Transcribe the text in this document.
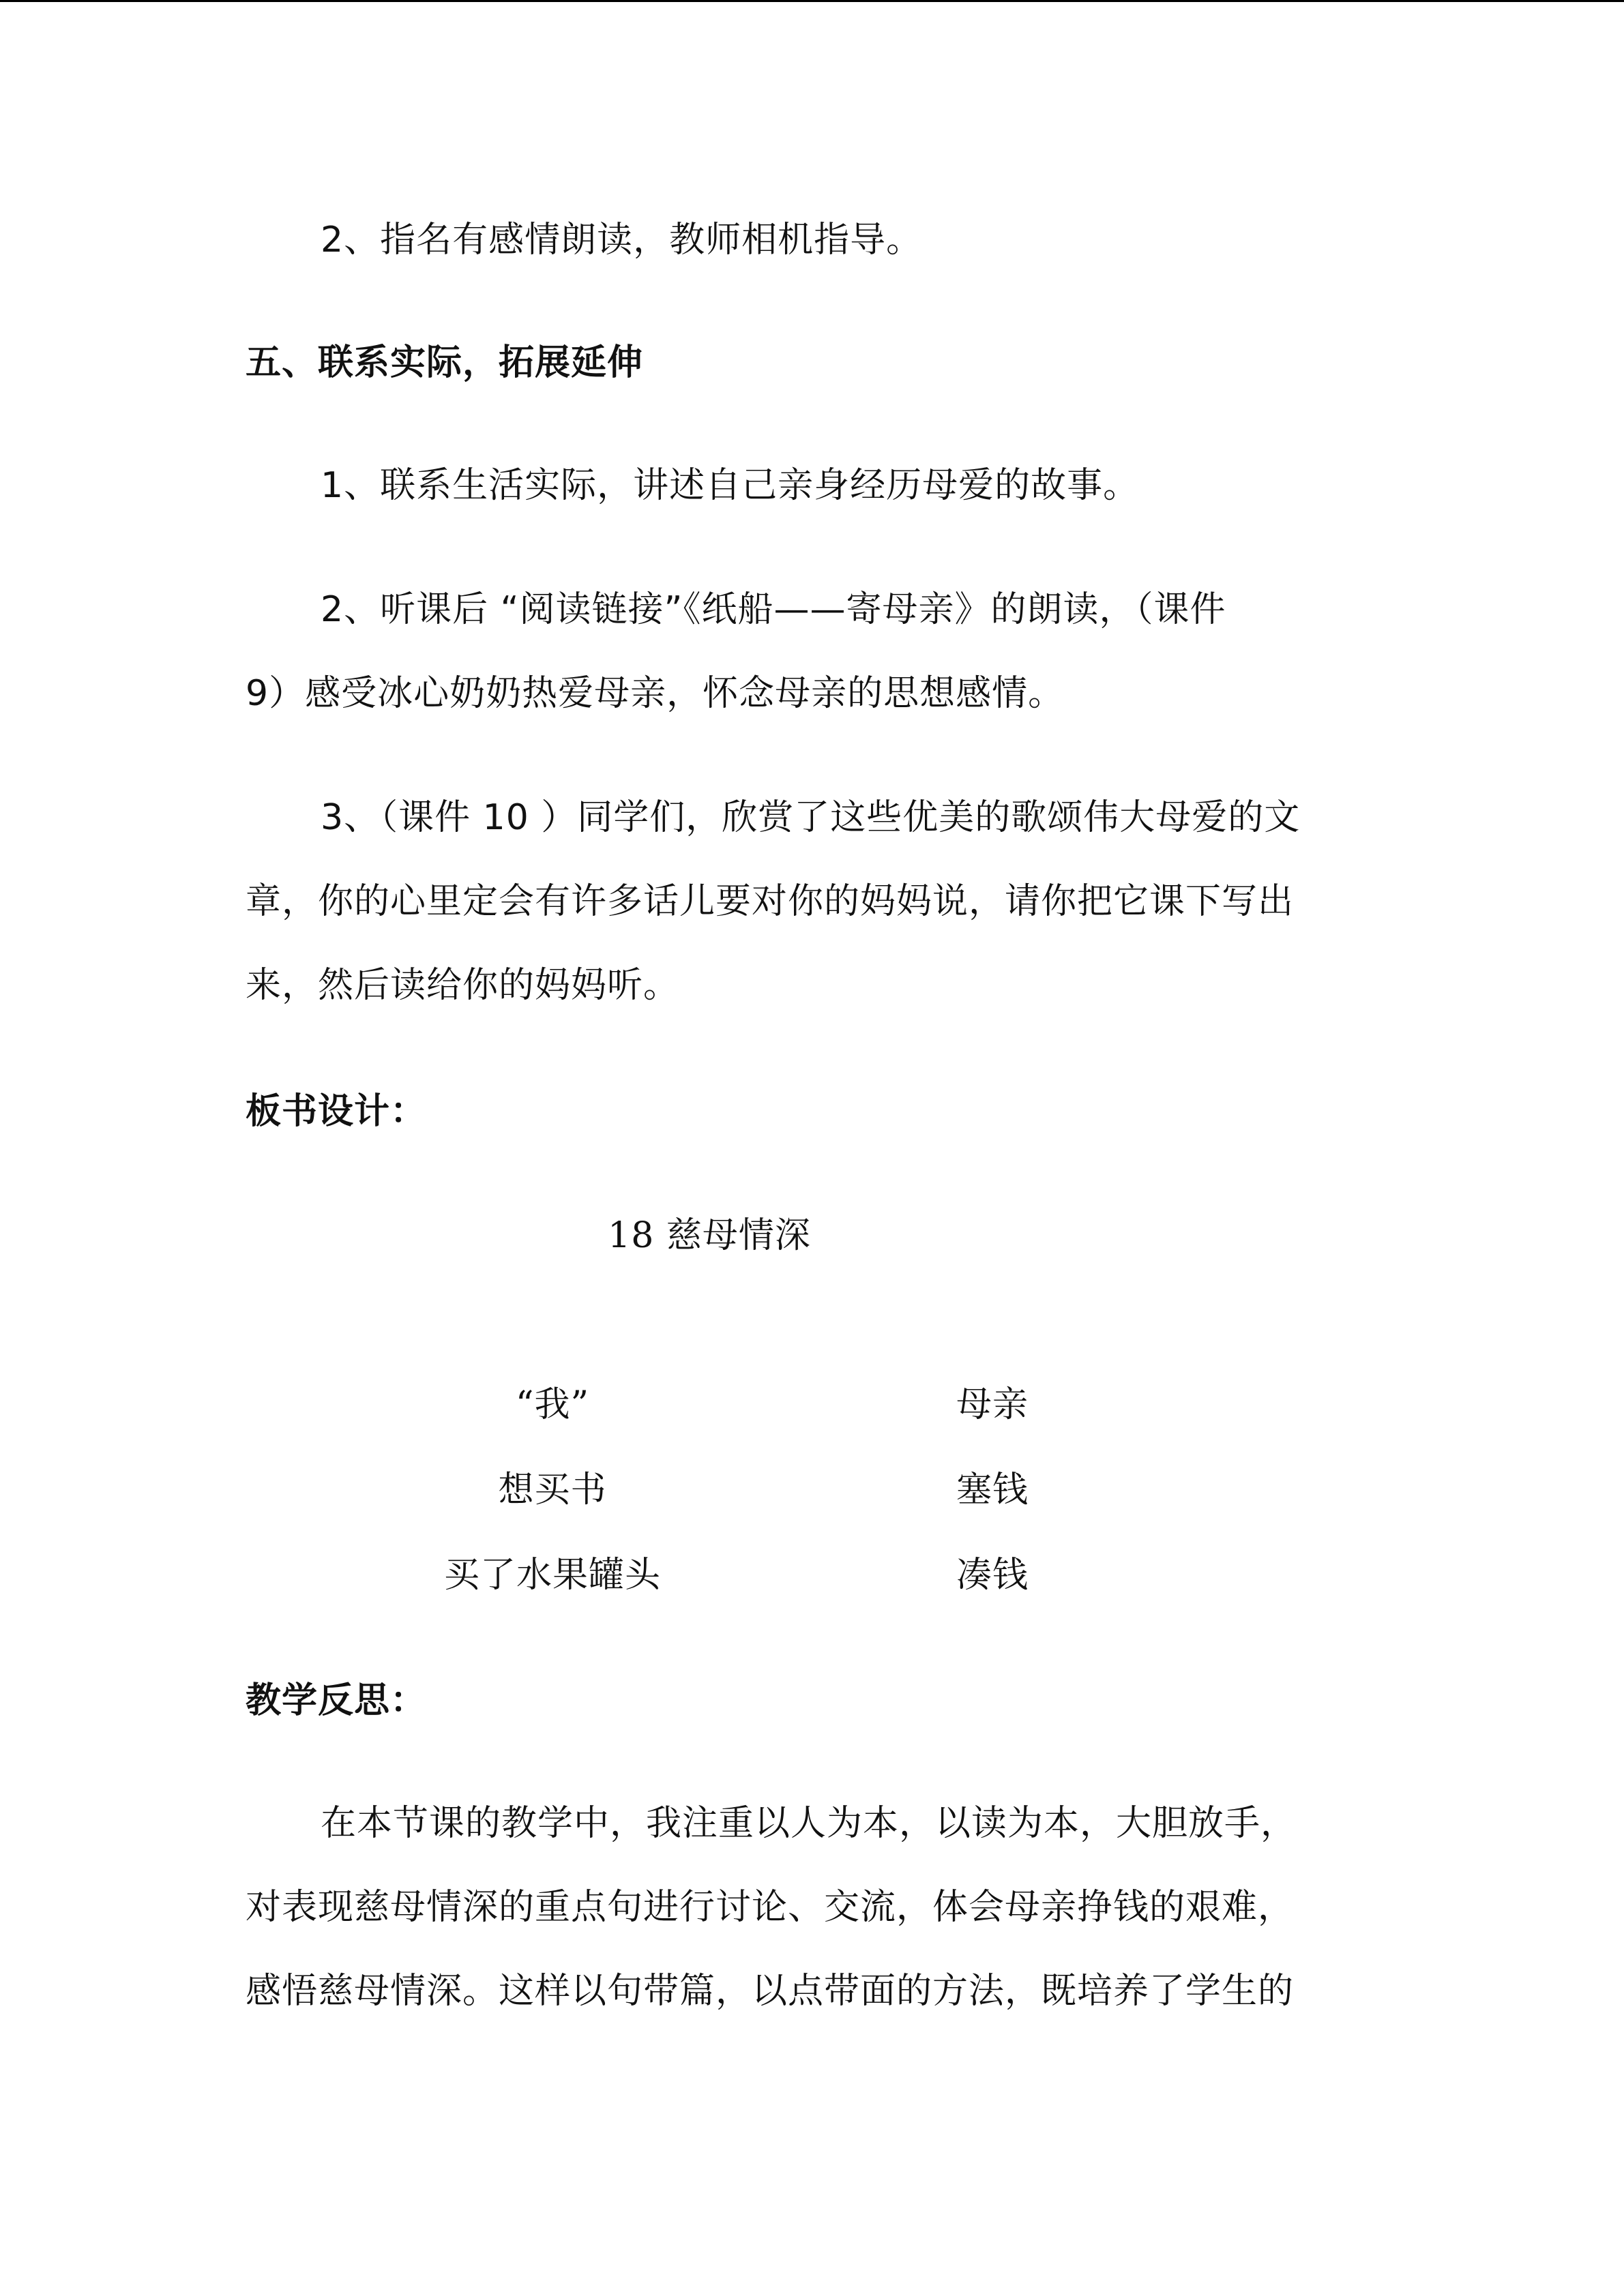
2、指名有感情朗读，教师相机指导。
五、联系实际，拓展延伸
1、联系生活实际，讲述自己亲身经历母爱的故事。
2、听课后 “阅读链接”《纸船——寄母亲》的朗读，（课件
9）感受冰心奶奶热爱母亲，怀念母亲的思想感情。
3、（课件 10 ）同学们，欣赏了这些优美的歌颂伟大母爱的文
章，你的心里定会有许多话儿要对你的妈妈说，请你把它课下写出
来，然后读给你的妈妈听。
板书设计：
18 慈母情深
“我”
想买书
买了水果罐头
母亲
塞钱
凑钱
教学反思：
在本节课的教学中，我注重以人为本，以读为本，大胆放手，
对表现慈母情深的重点句进行讨论、交流，体会母亲挣钱的艰难，
感悟慈母情深。这样以句带篇，以点带面的方法，既培养了学生的
